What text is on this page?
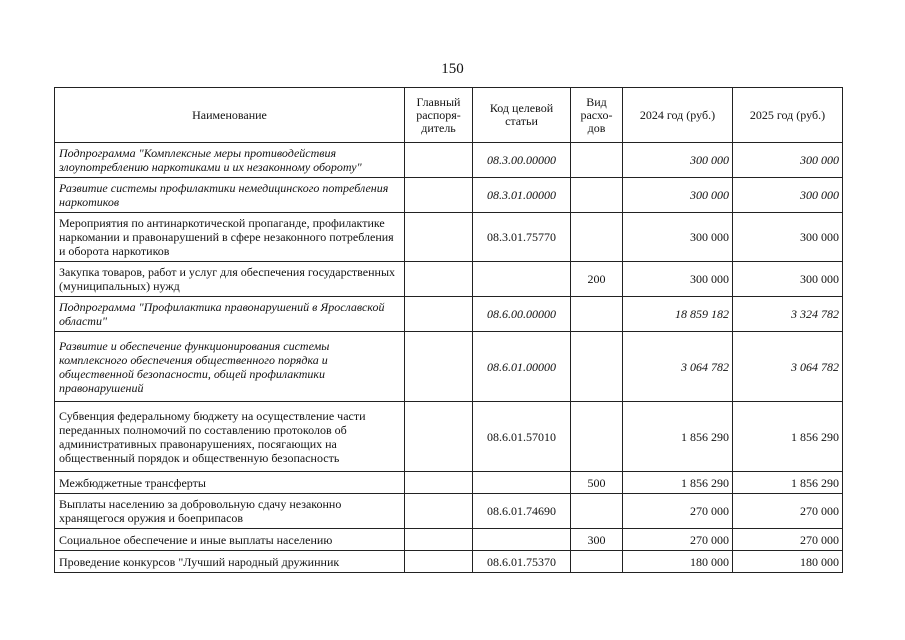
150
Наименование	Главный распоря-дитель	Код целевой статьи	Вид расхо-дов	2024 год (руб.)	2025 год (руб.)
Подпрограмма "Комплексные меры противодействия злоупотреблению наркотиками и их незаконному обороту"		08.3.00.00000		300 000	300 000
Развитие системы профилактики немедицинского потребления наркотиков		08.3.01.00000		300 000	300 000
Мероприятия по антинаркотической пропаганде, профилактике наркомании и правонарушений в сфере незаконного потребления и оборота наркотиков		08.3.01.75770		300 000	300 000
Закупка товаров, работ и услуг для обеспечения государственных (муниципальных) нужд			200	300 000	300 000
Подпрограмма "Профилактика правонарушений в Ярославской области"		08.6.00.00000		18 859 182	3 324 782
Развитие и обеспечение функционирования системы комплексного обеспечения общественного порядка и общественной безопасности, общей профилактики правонарушений		08.6.01.00000		3 064 782	3 064 782
Субвенция федеральному бюджету на осуществление части переданных полномочий по составлению протоколов об административных правонарушениях, посягающих на общественный порядок и общественную безопасность		08.6.01.57010		1 856 290	1 856 290
Межбюджетные трансферты			500	1 856 290	1 856 290
Выплаты населению за добровольную сдачу незаконно хранящегося оружия и боеприпасов		08.6.01.74690		270 000	270 000
Социальное обеспечение и иные выплаты населению			300	270 000	270 000
Проведение конкурсов "Лучший народный дружинник		08.6.01.75370		180 000	180 000
